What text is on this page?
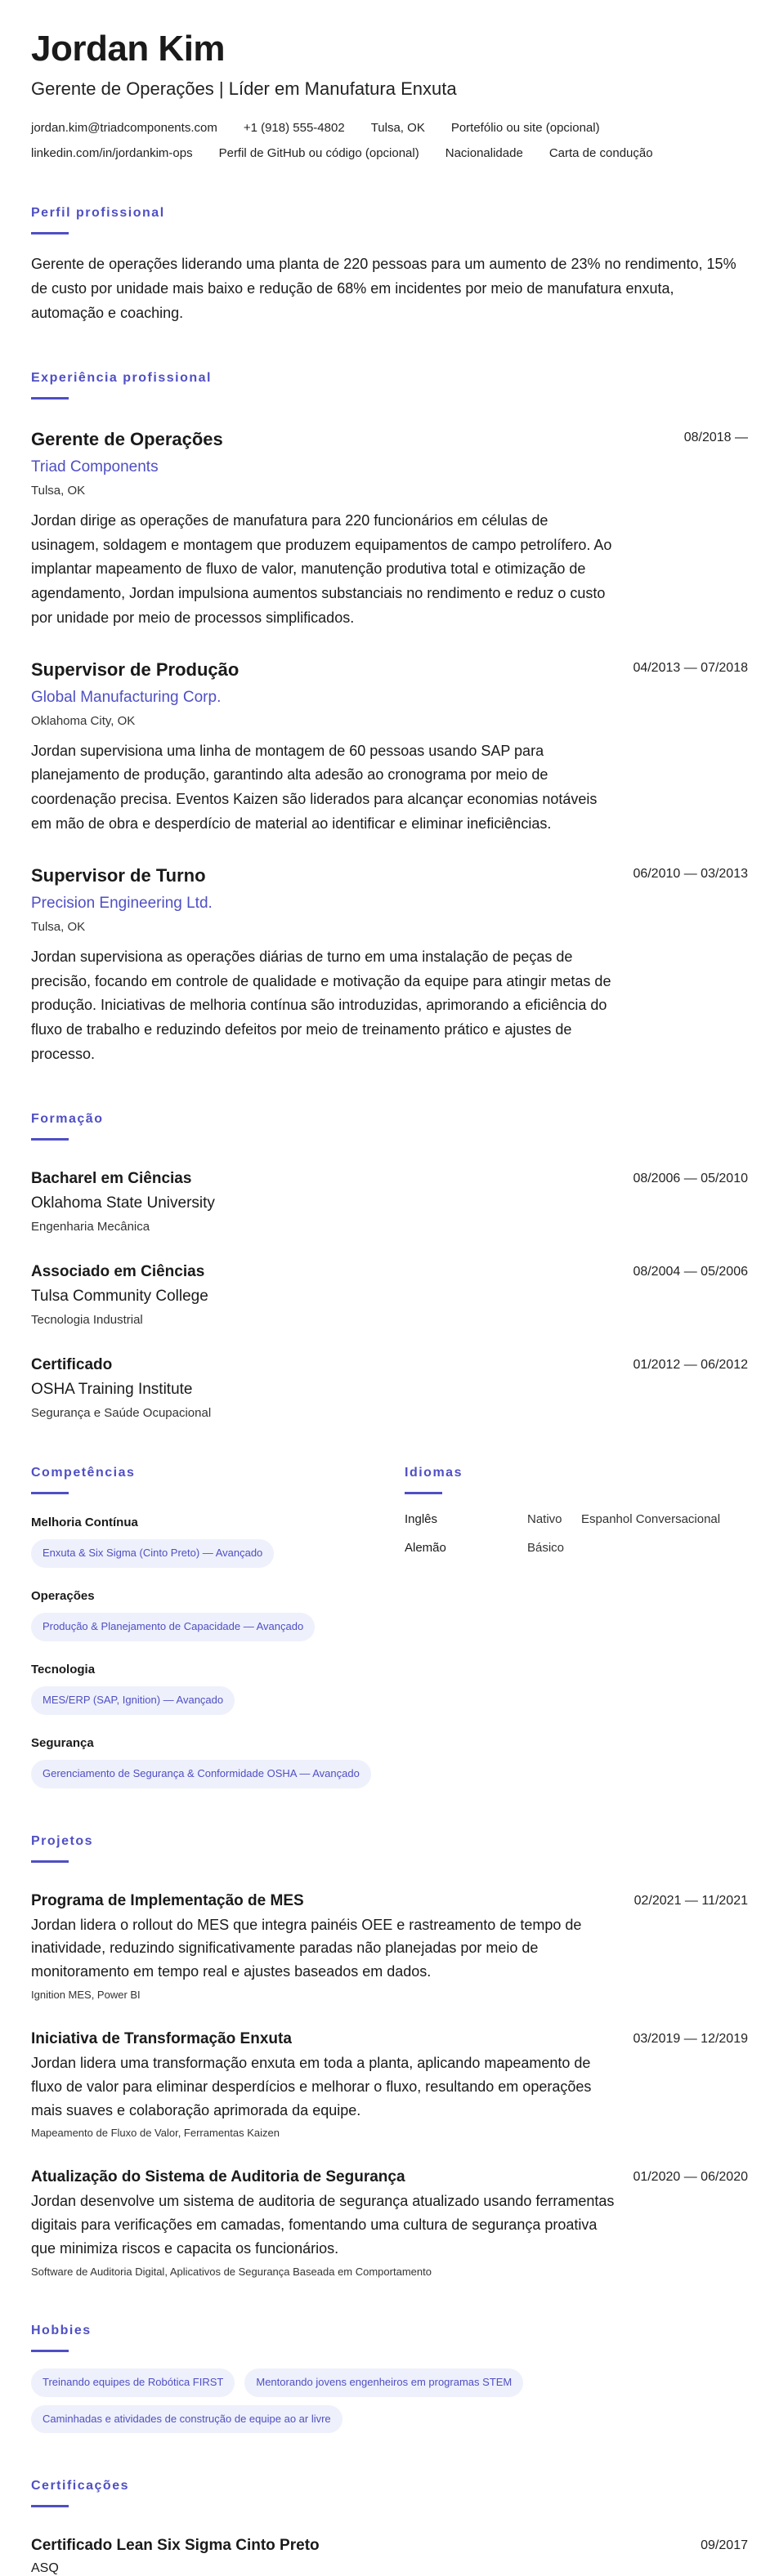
Jordan Kim
Gerente de Operações | Líder em Manufatura Enxuta
jordan.kim@triadcomponents.com +1 (918) 555-4802 Tulsa, OK Portefólio ou site (opcional)
linkedin.com/in/jordankim-ops Perfil de GitHub ou código (opcional) Nacionalidade Carta de condução
Perfil profissional
Gerente de operações liderando uma planta de 220 pessoas para um aumento de 23% no rendimento, 15% de custo por unidade mais baixo e redução de 68% em incidentes por meio de manufatura enxuta, automação e coaching.
Experiência profissional
Gerente de Operações	08/2018 —
Triad Components
Tulsa, OK
Jordan dirige as operações de manufatura para 220 funcionários em células de usinagem, soldagem e montagem que produzem equipamentos de campo petrolífero. Ao implantar mapeamento de fluxo de valor, manutenção produtiva total e otimização de agendamento, Jordan impulsiona aumentos substanciais no rendimento e reduz o custo por unidade por meio de processos simplificados.
Supervisor de Produção	04/2013 — 07/2018
Global Manufacturing Corp.
Oklahoma City, OK
Jordan supervisiona uma linha de montagem de 60 pessoas usando SAP para planejamento de produção, garantindo alta adesão ao cronograma por meio de coordenação precisa. Eventos Kaizen são liderados para alcançar economias notáveis em mão de obra e desperdício de material ao identificar e eliminar ineficiências.
Supervisor de Turno	06/2010 — 03/2013
Precision Engineering Ltd.
Tulsa, OK
Jordan supervisiona as operações diárias de turno em uma instalação de peças de precisão, focando em controle de qualidade e motivação da equipe para atingir metas de produção. Iniciativas de melhoria contínua são introduzidas, aprimorando a eficiência do fluxo de trabalho e reduzindo defeitos por meio de treinamento prático e ajustes de processo.
Formação
Bacharel em Ciências	08/2006 — 05/2010
Oklahoma State University
Engenharia Mecânica
Associado em Ciências	08/2004 — 05/2006
Tulsa Community College
Tecnologia Industrial
Certificado	01/2012 — 06/2012
OSHA Training Institute
Segurança e Saúde Ocupacional
Competências
Melhoria Contínua
Enxuta & Six Sigma (Cinto Preto) — Avançado
Operações
Produção & Planejamento de Capacidade — Avançado
Tecnologia
MES/ERP (SAP, Ignition) — Avançado
Segurança
Gerenciamento de Segurança & Conformidade OSHA — Avançado
Idiomas
Inglês	Nativo	Espanhol Conversacional
Alemão	Básico
Projetos
Programa de Implementação de MES	02/2021 — 11/2021
Jordan lidera o rollout do MES que integra painéis OEE e rastreamento de tempo de inatividade, reduzindo significativamente paradas não planejadas por meio de monitoramento em tempo real e ajustes baseados em dados.
Ignition MES, Power BI
Iniciativa de Transformação Enxuta	03/2019 — 12/2019
Jordan lidera uma transformação enxuta em toda a planta, aplicando mapeamento de fluxo de valor para eliminar desperdícios e melhorar o fluxo, resultando em operações mais suaves e colaboração aprimorada da equipe.
Mapeamento de Fluxo de Valor, Ferramentas Kaizen
Atualização do Sistema de Auditoria de Segurança	01/2020 — 06/2020
Jordan desenvolve um sistema de auditoria de segurança atualizado usando ferramentas digitais para verificações em camadas, fomentando uma cultura de segurança proativa que minimiza riscos e capacita os funcionários.
Software de Auditoria Digital, Aplicativos de Segurança Baseada em Comportamento
Hobbies
Treinando equipes de Robótica FIRST	Mentorando jovens engenheiros em programas STEM
Caminhadas e atividades de construção de equipe ao ar livre
Certificações
Certificado Lean Six Sigma Cinto Preto	09/2017
ASQ
